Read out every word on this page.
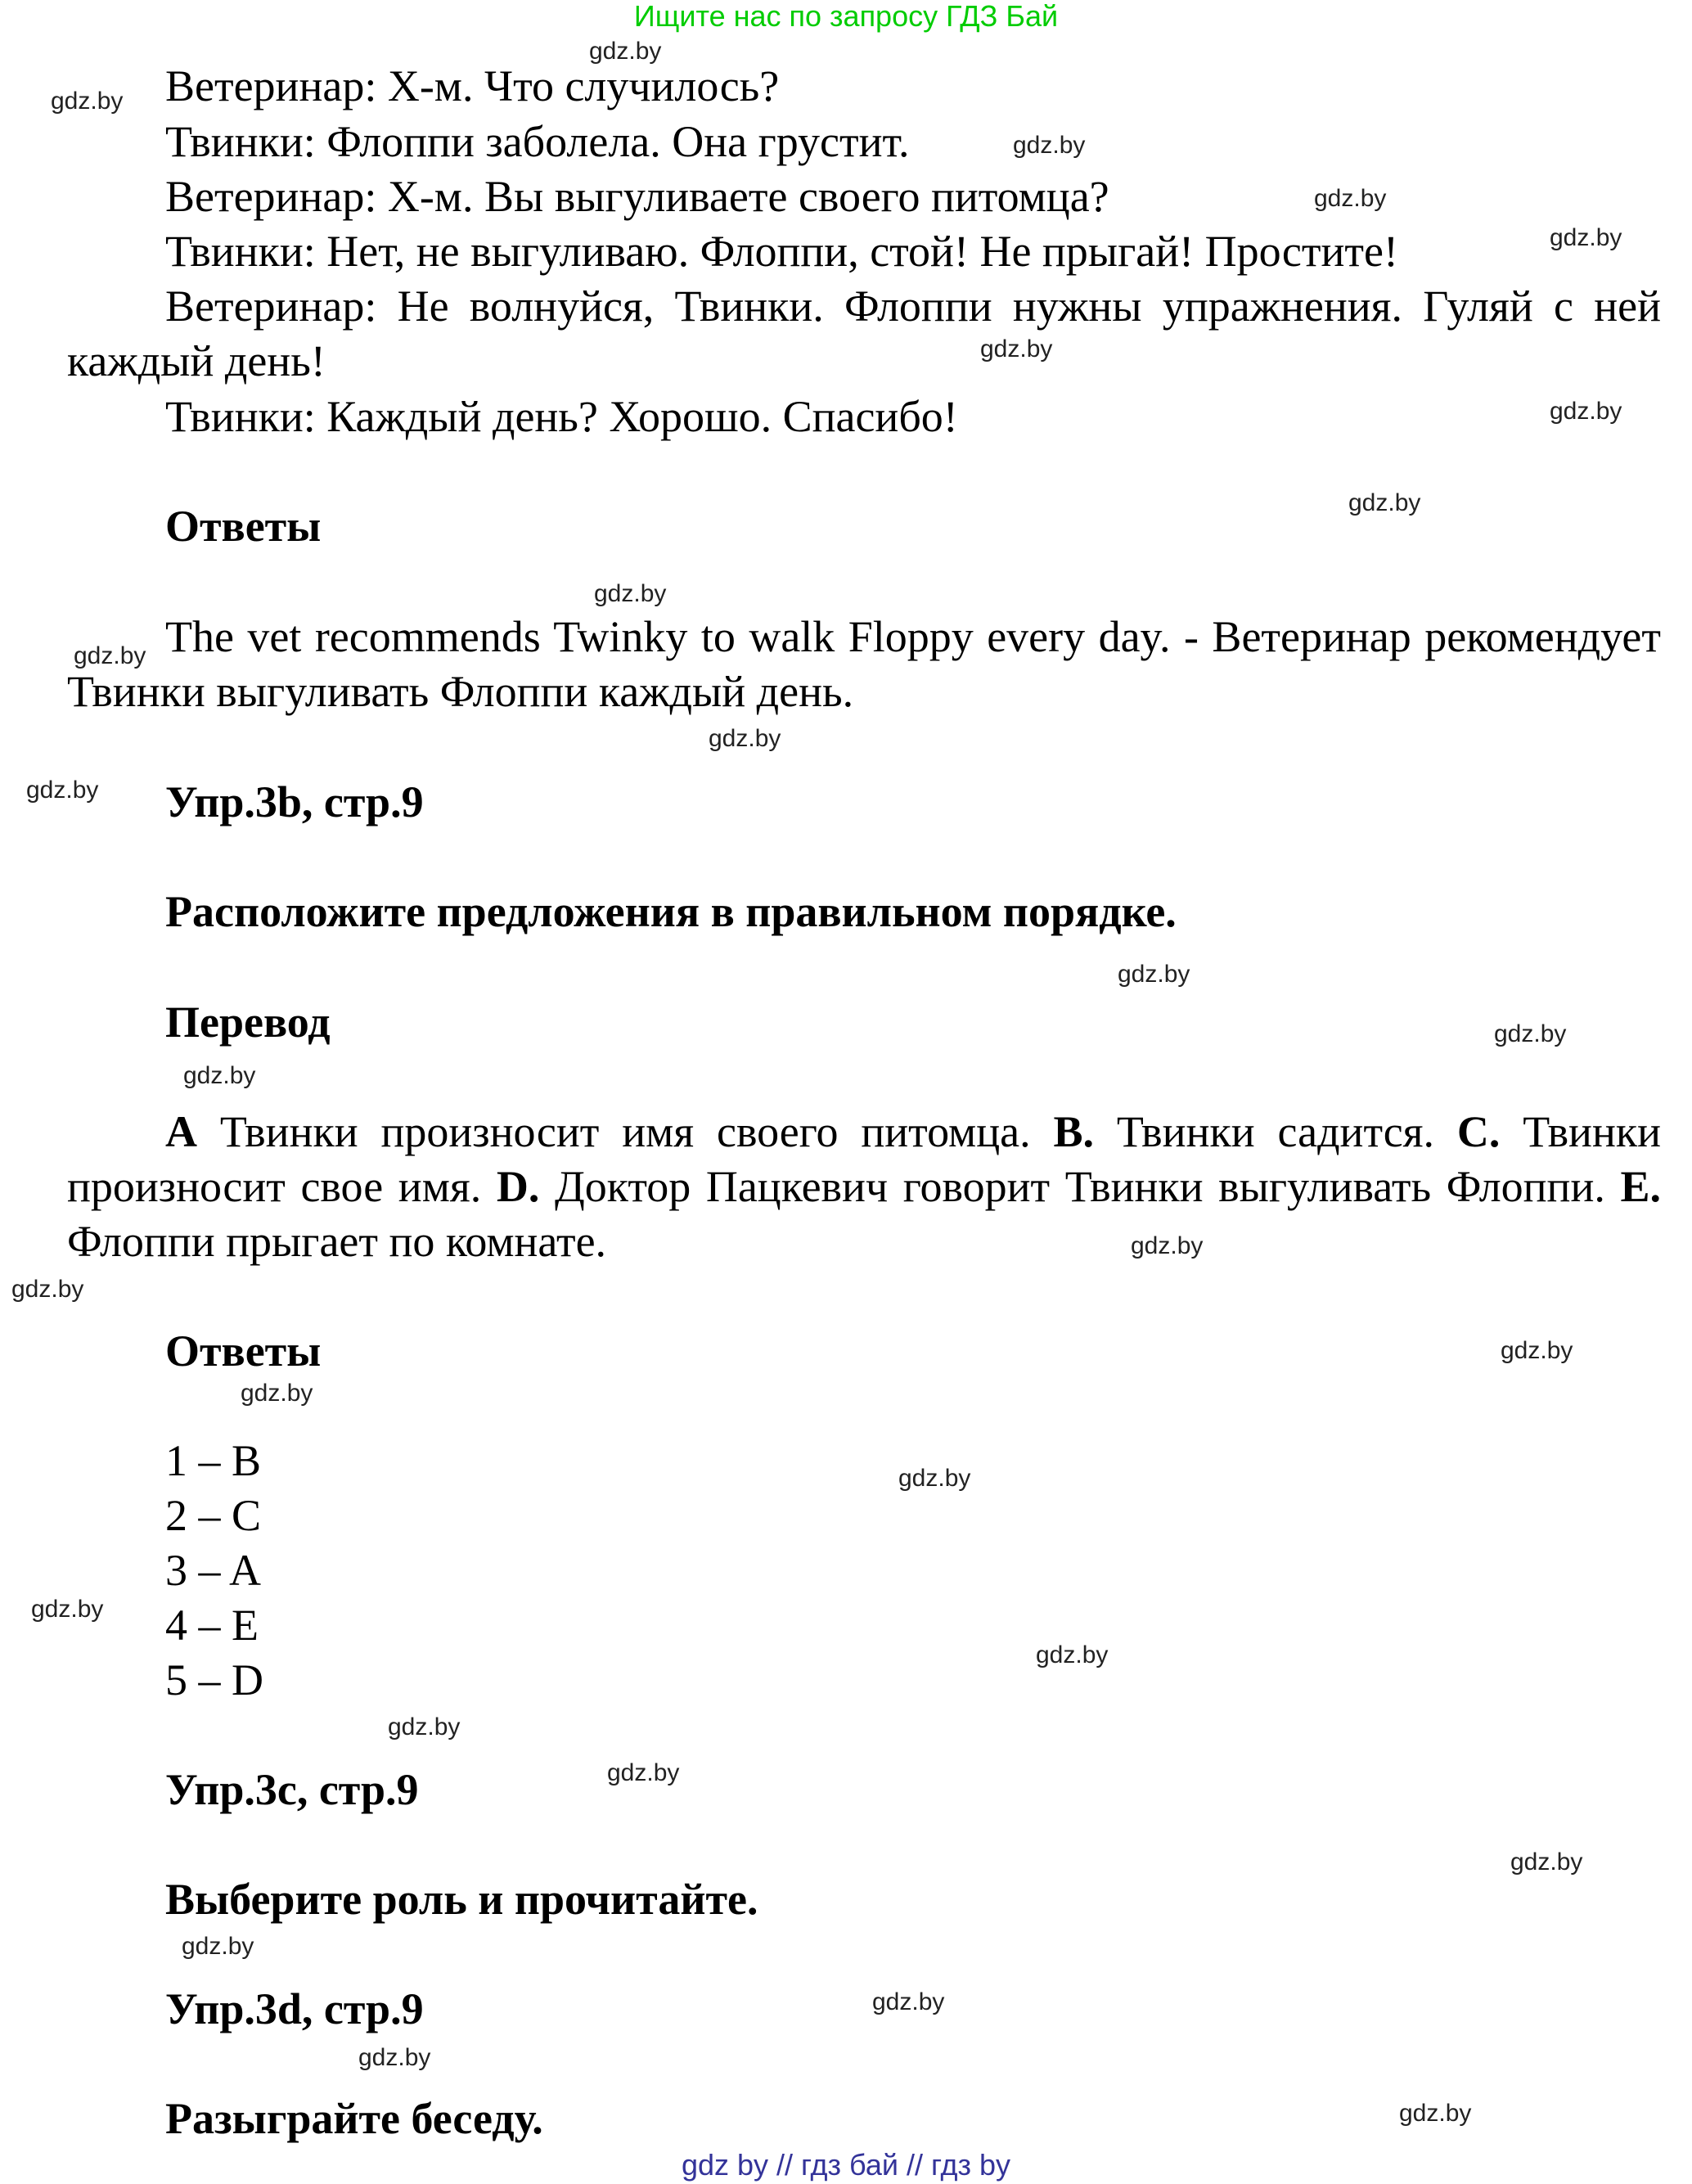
Ищите нас по запросу ГДЗ Бай
Ветеринар: Х-м. Что случилось?
Твинки: Флоппи заболела. Она грустит.
Ветеринар: Х-м. Вы выгуливаете своего питомца?
Твинки: Нет, не выгуливаю. Флоппи, стой! Не прыгай! Простите!
Ветеринар: Не волнуйся, Твинки. Флоппи нужны упражнения. Гуляй с ней каждый день!
Твинки: Каждый день? Хорошо. Спасибо!
Ответы
The vet recommends Twinky to walk Floppy every day. - Ветеринар рекомендует Твинки выгуливать Флоппи каждый день.
Упр.3b, стр.9
Расположите предложения в правильном порядке.
Перевод
A Твинки произносит имя своего питомца. B. Твинки садится. C. Твинки произносит свое имя. D. Доктор Пацкевич говорит Твинки выгуливать Флоппи. E. Флоппи прыгает по комнате.
Ответы
1 – B
2 – C
3 – A
4 – E
5 – D
Упр.3c, стр.9
Выберите роль и прочитайте.
Упр.3d, стр.9
Разыграйте беседу.
gdz.by
gdz.by
gdz.by
gdz.by
gdz.by
gdz.by
gdz.by
gdz.by
gdz.by
gdz.by
gdz.by
gdz.by
gdz.by
gdz.by
gdz.by
gdz.by
gdz.by
gdz.by
gdz.by
gdz.by
gdz.by
gdz.by
gdz.by
gdz.by
gdz.by
gdz.by
gdz.by
gdz.by
gdz.by
gdz by // гдз бай // гдз by
